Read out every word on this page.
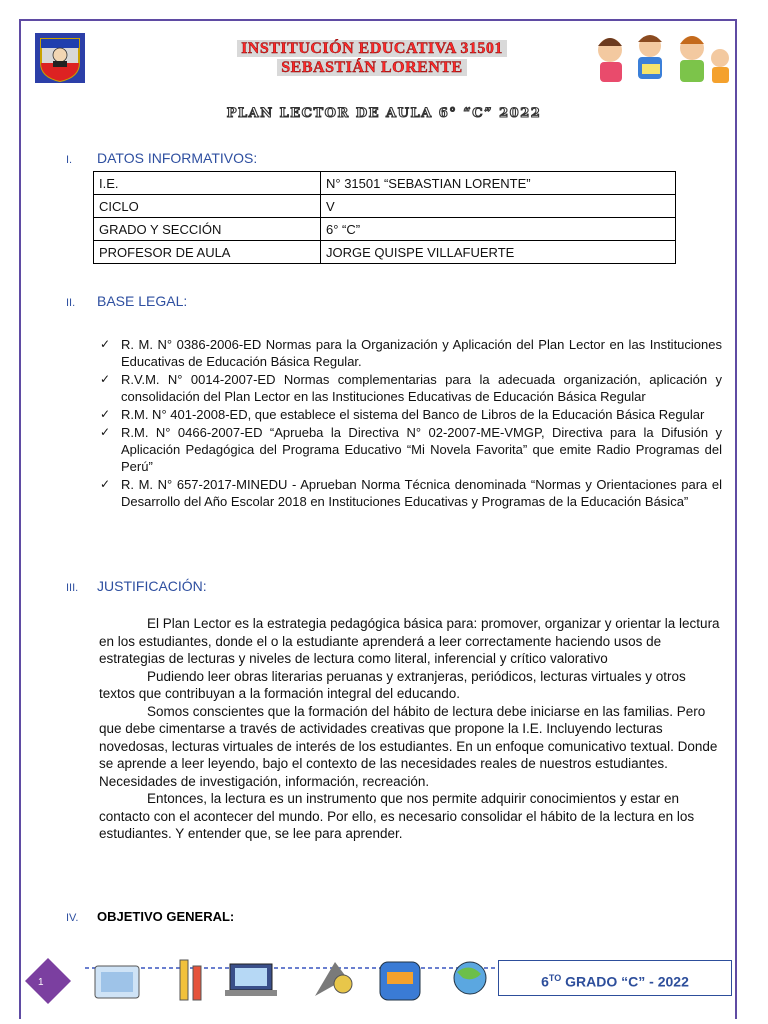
INSTITUCIÓN EDUCATIVA 31501
SEBASTIÁN LORENTE
PLAN LECTOR DE AULA 6° “C” 2022
I. DATOS INFORMATIVOS:
I.E.	N° 31501 “SEBASTIAN LORENTE”
CICLO	V
GRADO Y SECCIÓN	6° “C”
PROFESOR DE AULA	JORGE QUISPE VILLAFUERTE
II. BASE LEGAL:
✓ R. M. N° 0386-2006-ED Normas para la Organización y Aplicación del Plan Lector en las Instituciones Educativas de Educación Básica Regular.
✓ R.V.M. N° 0014-2007-ED Normas complementarias para la adecuada organización, aplicación y consolidación del Plan Lector en las Instituciones Educativas de Educación Básica Regular
✓ R.M. N° 401-2008-ED, que establece el sistema del Banco de Libros de la Educación Básica Regular
✓ R.M. N° 0466-2007-ED “Aprueba la Directiva N° 02-2007-ME-VMGP, Directiva para la Difusión y Aplicación Pedagógica del Programa Educativo “Mi Novela Favorita” que emite Radio Programas del Perú”
✓ R. M. N° 657-2017-MINEDU - Aprueban Norma Técnica denominada “Normas y Orientaciones para el Desarrollo del Año Escolar 2018 en Instituciones Educativas y Programas de la Educación Básica”
III. JUSTIFICACIÓN:

El Plan Lector es la estrategia pedagógica básica para: promover, organizar y orientar la lectura en los estudiantes, donde el o la estudiante aprenderá a leer correctamente haciendo usos de estrategias de lecturas y niveles de lectura como literal, inferencial y crítico valorativo

Pudiendo leer obras literarias peruanas y extranjeras, periódicos, lecturas virtuales y otros textos que contribuyan a la formación integral del educando.

Somos conscientes que la formación del hábito de lectura debe iniciarse en las familias. Pero que debe cimentarse a través de actividades creativas que propone la I.E. Incluyendo lecturas novedosas, lecturas virtuales de interés de los estudiantes. En un enfoque comunicativo textual. Donde se aprende a leer leyendo, bajo el contexto de las necesidades reales de nuestros estudiantes. Necesidades de investigación, información, recreación.

Entonces, la lectura es un instrumento que nos permite adquirir conocimientos y estar en contacto con el acontecer del mundo. Por ello, es necesario consolidar el hábito de la lectura en los estudiantes. Y entender que, se lee para aprender.

IV. OBJETIVO GENERAL:
1	$6^{TO}$ GRADO “C” - 2022
